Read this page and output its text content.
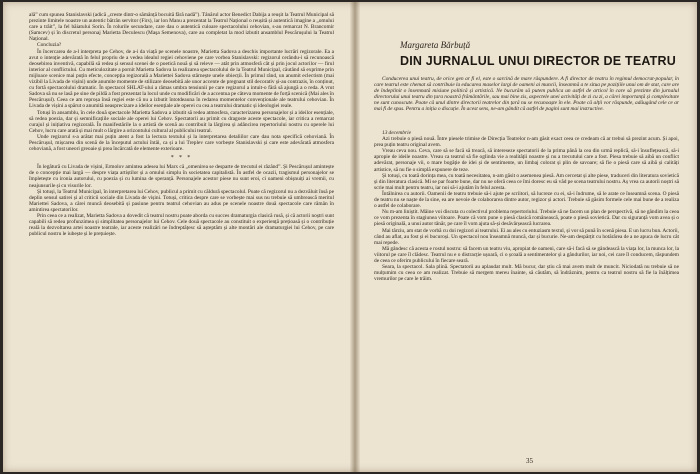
ală” cum spunea Stanislavski (adică „creste dintr-o sămânță bocuită fără nadă”). Tânărul actor Benedict Dabija a reușit la Teatrul Municipal să prezinte limitele noastre un autentic bătrân servitor (Firs), iar lon Manu a prezentat la Teatrul Național o reușită și autentică imagine a „omului care a trăit”, la fel băiatului Sorin. În rolurile secundare, care dau o autentică culoare spectacolului cehovian, s-au remarcat N. Brancomir (Samcev) și în discretul personaj Marietta Deculescu (Maşa Semenova), care au completat la mod izbutit ansamblul Pescărușului la Teatrul Național.

Concluzia?

În încercarea de a-l interpreta pe Cehov, de a-i da viață pe scenele noastre, Marietta Sadova a deschis importante lucrări regizorale. Ea a avut o intenție adevărată în felul propriu de a vedea idealul regiei cehoviene pe care vorbea Stanislavski: regizorul cerându-i să recunoască deosebirea inventivă, capabilă să redea și sensul scenei de o poetică nouă și să releve — atât prin atmosferă cât și prin jocul actorilor — firul interior al conflictului. Cu meticulozitate a pornit Marietta Sadova la realizarea spectacolului de la Teatrul Municipal, căutând să exprime prin mijloace scenice mai puțin efecte, concepția regizorală a Mariettei Sadova stârnește unele obiecții. În primul rând, un anumit eclectism (mai vizibil la Livada de vișini) unde anumite momente de stilizare deosebită ale unor accente de pregnant stil decorativ și-au contrazis, în conținut, cu fortă spectacolului dramatic. În spectacol SHLAT-ului a rămas umbra tensiunii pe care regizorul a intuit-o fără să ajungă a o reda. A vrut Sadova să nu se lasă pe sine de pildă a fost prezentat la locul unde cu modificări de a accentua pe câteva momente de forță scenică (Mai ales în Pescărușul). Ceea ce am reproșa însă regiei este că nu a izbutit întotdeauna în redarea momentelor convenționale ale teatrului cehovian. În Livada de vișini a spărut o anumită neasprecizare a ideilor esențiale ale operei cu cea a teatrului dramatic și ideologiei reale.

Totuși în ansamblu, în cele două spectacole Marietta Sadova a izbutit să redea atmosfera, caracterizarea personajelor și a ideilor esențiale, să redea poezia, dar și semnificațiile sociale ale operei lui Cehov. Spectatorii au primit cu dragoste aceste spectacole, iar critica a remarcat curajul și inițiativa regizorală. În manifestările la o artistă de scenă au contribuit la lărgirea și adâncirea repertoriului nostru cu operele lui Cehov, lucru care arată și mai mult o lărgire a orizontului cultural al publicului teatral.

Unde regizorul s-a arătat mai puțin atent a fost la lectura textului și la interpretarea detaliilor care dau nota specifică cehoviană. În Pescărușul, mișcarea din scenă de la începutul actului întâi, ca și a lui Treplev care vorbește Stanislavski și care este adevărată atmosfera cehoviană, a fost uneori greoaie și prea încărcată de elemente exterioare.

* * *

În legătură cu Livada de vișini, Ermolov amintea adesea lui Marx că „omenirea se desparte de trecutul ei râzând”. Și Pescărușul amintește de o concepție mai largă — despre viața artiștilor și a omului simplu în societatea capitalistă. În astfel de ocazii, tragismul personajelor se împletește cu ironia autorului, cu poezia și cu lumina de speranță. Personajele acestor piese nu sunt eroi, ci oameni obișnuiți ai vremii, cu neajunsurile și cu visurile lor.

Și totuși, la Teatrul Municipal, în interpretarea lui Cehov, publicul a primit cu căldură spectacolul. Poate că regizorul nu a dezvăluit însă pe deplin sensul satirei și al criticii sociale din Livada de vișini. Totuși, critica despre care se vorbește mai sus nu trebuie să umbrească meritul Mariettei Sadova, a cărei muncă deosebită și pasiune pentru teatrul cehovian au adus pe scenele noastre două spectacole care rămân în amintirea spectatorilor.

Prin ceea ce a realizat, Marietta Sadova a dovedit că teatrul nostru poate aborda cu succes dramaturgia clasică rusă, și că actorii noștri sunt capabili să redea profunzimea și simplitatea personajelor lui Cehov. Cele două spectacole au constituit o experiență prețioasă și o contribuție reală la dezvoltarea artei noastre teatrale, iar aceste realizări ne îndreptățesc să așteptăm și alte montări ale dramaturgiei lui Cehov, pe care publicul nostru le iubește și le prețuiește.

Margareta Bărbuță
DIN JURNALUL UNUI DIRECTOR DE TEATRU

Conducerea unui teatru, de orice gen ar fi el, este o sarcină de mare răspundere. A fi director de teatru în regimul democrat-popular, în care teatrul este chemat să contribuie la educarea maselor largi de oameni ai muncii, înseamnă a te situa pe pozițiile unui om de stat, care are de îndeplinit o însemnată misiune politică și artistică. Ne bucurăm să putem publica un astfel de articol în care să prezinte din jurnalul directorului unui teatru din țara noastră frământările, sau mai bine zis, aspectele unei activități de zi cu zi, a cărei importanță și complexitate ne sunt cunoscute. Poate că unul dintre directorii teatrelor din țară nu se recunoaște în ele. Poate că alții vor răspunde, adăugând cele ce ar mai fi de spus. Pentru a iniția o discuție. În acest sens, ne-am gândit că astfel de pagini sunt mai instructive.

13 decembrie

Azi trebuie o piesă nouă. Între piesele trimise de Direcția Teatrelor n-am găsit exact ceea ce credeam că ar trebui să prezint acum. Și apoi, prea puțin teatru original avem.

Vreau ceva nou. Ceva, care să se facă să treacă, să intereseze spectatorii de la prima până la cea din urmă replică, să-i însuflețească, să-i apropie de ideile noastre. Vreau ca teatrul să fie oglinda vie a realității noastre și nu a trecutului care a fost. Piesa trebuie să aibă un conflict adevărat, personaje vii, o mare bogăție de idei și de sentimente, un limbaj colorat și plin de savoare; să fie o piesă care să aibă și calități artistice, să nu fie o simplă expunere de teze.

Și totuși, cu toată dorința mea, cu toată necesitatea, n-am găsit o asemenea piesă. Am cercetat și alte piese, traduceri din literatura sovietică și din literatura clasică. Mi se par foarte bune, dar nu ne oferă ceea ce îmi doresc eu să văd pe scena teatrului nostru. Aș vrea ca autorii noștri să scrie mai mult pentru teatru, iar noi să-i ajutăm în felul acesta.

Întâlnirea cu autorii. Oamenii de teatru trebuie să-i ajute pe scriitori, să lucreze cu ei, să-i îndrume, să le arate ce înseamnă scena. O piesă de teatru nu se naște de la sine, ea are nevoie de colaborarea dintre autor, regizor și actori. Trebuie să găsim formele cele mai bune de a realiza o astfel de colaborare.

Nu m-am liniștit. Mâine voi discuta cu colectivul problema repertoriului. Trebuie să ne facem un plan de perspectivă, să ne gândim la ceea ce vom prezenta în stagiunea viitoare. Poate că vom pune o piesă clasică românească, poate o piesă sovietică. Dar cu siguranță vom avea și o piesă originală, a unui autor tânăr, pe care îl vom ajuta să-și desăvârșească lucrarea.

Mai târziu, am stat de vorbă cu doi regizori ai teatrului. Ei au ales cu entuziasm textul, și vor să pună în scenă piesa. E un lucru bun. Actorii, când au aflat, au fost și ei bucuroși. Un spectacol nou înseamnă muncă, dar și bucurie. Ne-am despărțit cu hotărârea de a ne apuca de lucru cât mai repede.

Mă gândesc că acesta e rostul nostru: să facem un teatru viu, apropiat de oameni, care să-i facă să se gândească la viața lor, la munca lor, la viitorul pe care îl clădesc. Teatrul nu e o distracție ușoară, ci o școală a sentimentelor și a gândurilor, iar noi, cei care îl conducem, răspundem de ceea ce oferim publicului în fiecare seară.

Seara, la spectacol. Sala plină. Spectatorii au aplaudat mult. Mă bucur, dar știu că mai avem mult de muncit. Niciodată nu trebuie să ne mulțumim cu ceea ce am realizat. Trebuie să mergem mereu înainte, să căutăm, să îndrăznim, pentru ca teatrul nostru să fie la înălțimea vremurilor pe care le trăim.

35
